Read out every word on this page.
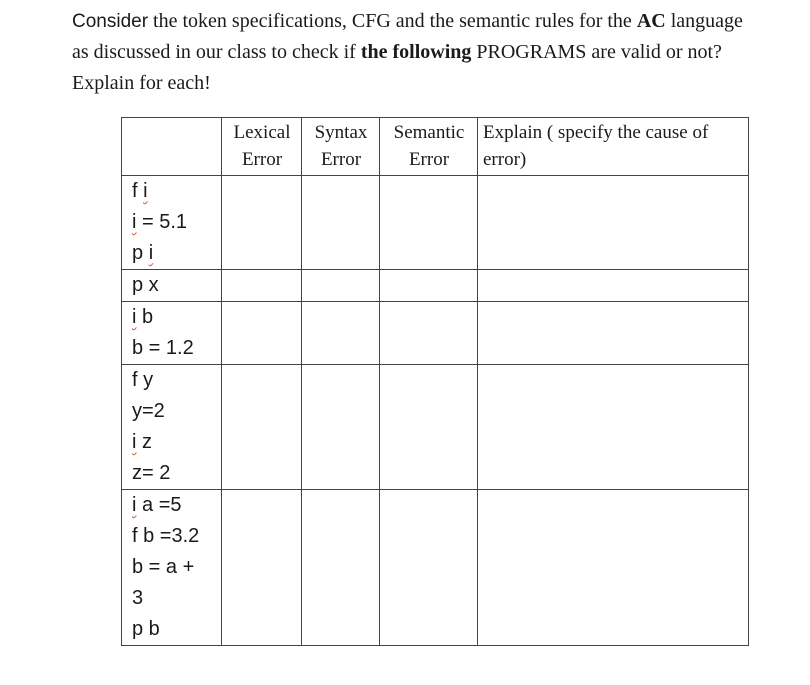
Consider the token specifications, CFG and the semantic rules for the AC language as discussed in our class to check if the following PROGRAMS are valid or not? Explain for each!
	Lexical Error	Syntax Error	Semantic Error	Explain ( specify the cause of error)

f i
i = 5.1
p i				

p x				

i b
b = 1.2				

f y
y=2
i z
z= 2				

i a =5
f b =3.2
b = a +
3
p b				
